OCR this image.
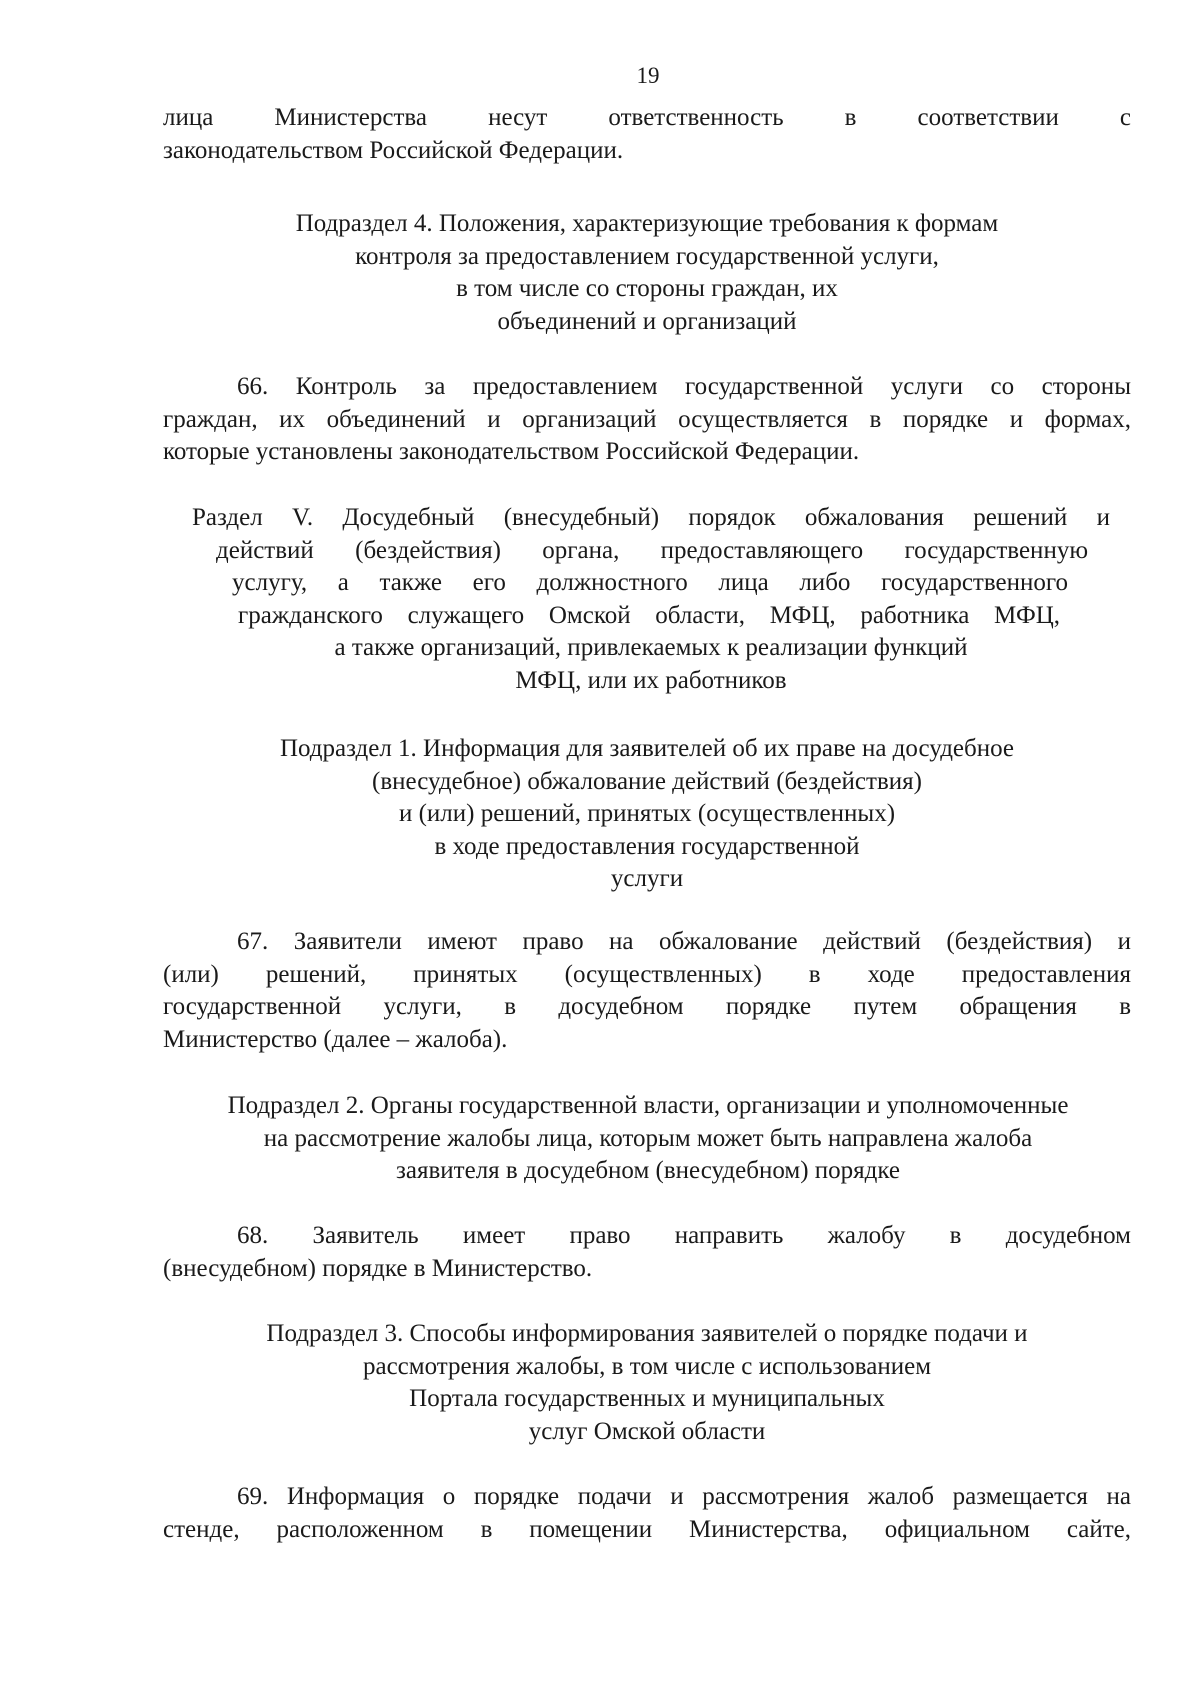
19
лица Министерства несут ответственность в соответствии с
законодательством Российской Федерации.
Подраздел 4. Положения, характеризующие требования к формам
контроля за предоставлением государственной услуги,
в том числе со стороны граждан, их
объединений и организаций
66. Контроль за предоставлением государственной услуги со стороны
граждан, их объединений и организаций осуществляется в порядке и формах,
которые установлены законодательством Российской Федерации.
Раздел V. Досудебный (внесудебный) порядок обжалования решений и
действий (бездействия) органа, предоставляющего государственную
услугу, а также его должностного лица либо государственного
гражданского служащего Омской области, МФЦ, работника МФЦ,
а также организаций, привлекаемых к реализации функций
МФЦ, или их работников
Подраздел 1. Информация для заявителей об их праве на досудебное
(внесудебное) обжалование действий (бездействия)
и (или) решений, принятых (осуществленных)
в ходе предоставления государственной
услуги
67. Заявители имеют право на обжалование действий (бездействия) и
(или) решений, принятых (осуществленных) в ходе предоставления
государственной услуги, в досудебном порядке путем обращения в
Министерство (далее – жалоба).
Подраздел 2. Органы государственной власти, организации и уполномоченные
на рассмотрение жалобы лица, которым может быть направлена жалоба
заявителя в досудебном (внесудебном) порядке
68. Заявитель имеет право направить жалобу в досудебном
(внесудебном) порядке в Министерство.
Подраздел 3. Способы информирования заявителей о порядке подачи и
рассмотрения жалобы, в том числе с использованием
Портала государственных и муниципальных
услуг Омской области
69. Информация о порядке подачи и рассмотрения жалоб размещается на
стенде, расположенном в помещении Министерства, официальном сайте,
